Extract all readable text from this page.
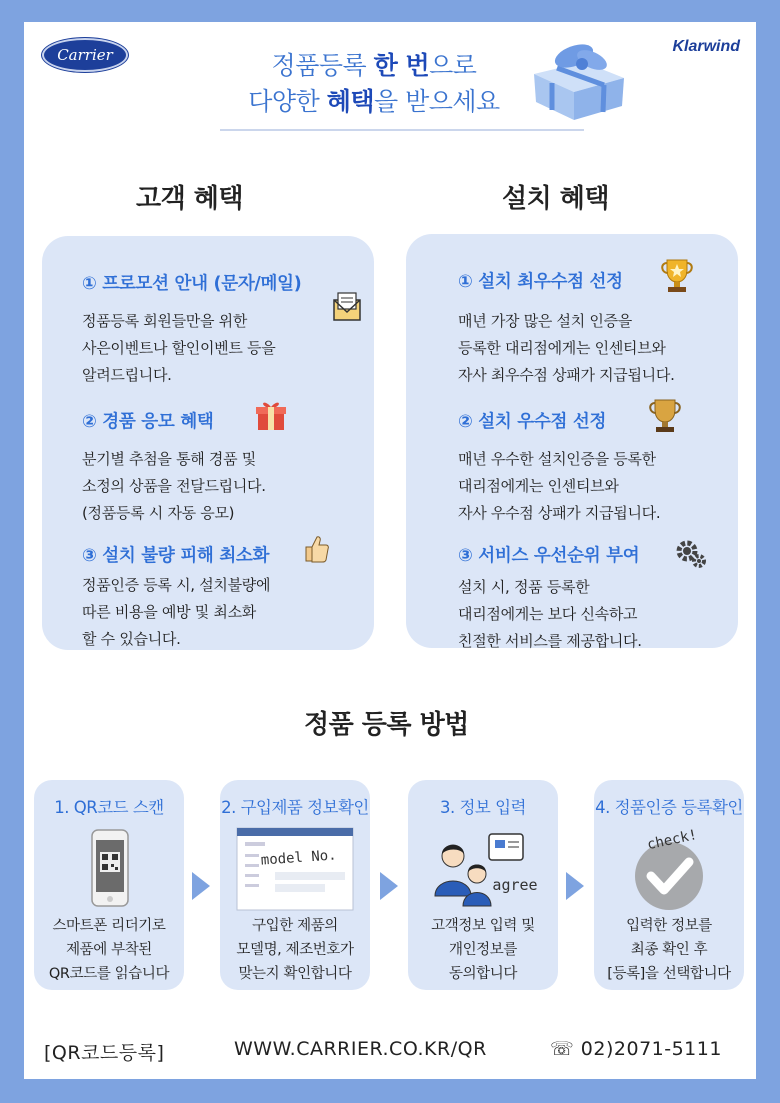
Carrier	Klarwind
정품등록 한 번으로
다양한 혜택을 받으세요
고객 혜택
① 프로모션 안내 (문자/메일)
정품등록 회원들만을 위한
사은이벤트나 할인이벤트 등을
알려드립니다.
② 경품 응모 혜택
분기별 추첨을 통해 경품 및
소정의 상품을 전달드립니다.
(정품등록 시 자동 응모)
③ 설치 불량 피해 최소화
정품인증 등록 시, 설치불량에
따른 비용을 예방 및 최소화
할 수 있습니다.
설치 혜택
① 설치 최우수점 선정
매년 가장 많은 설치 인증을
등록한 대리점에게는 인센티브와
자사 최우수점 상패가 지급됩니다.
② 설치 우수점 선정
매년 우수한 설치인증을 등록한
대리점에게는 인센티브와
자사 우수점 상패가 지급됩니다.
③ 서비스 우선순위 부여
설치 시, 정품 등록한
대리점에게는 보다 신속하고
친절한 서비스를 제공합니다.
정품 등록 방법
1. QR코드 스캔
스마트폰 리더기로
제품에 부착된
QR코드를 읽습니다
2. 구입제품 정보확인
model No.
구입한 제품의
모델명, 제조번호가
맞는지 확인합니다
3. 정보 입력
agree
고객정보 입력 및
개인정보를
동의합니다
4. 정품인증 등록확인
check!
입력한 정보를
최종 확인 후
[등록]을 선택합니다
[QR코드등록]	WWW.CARRIER.CO.KR/QR	☏ 02)2071-5111
